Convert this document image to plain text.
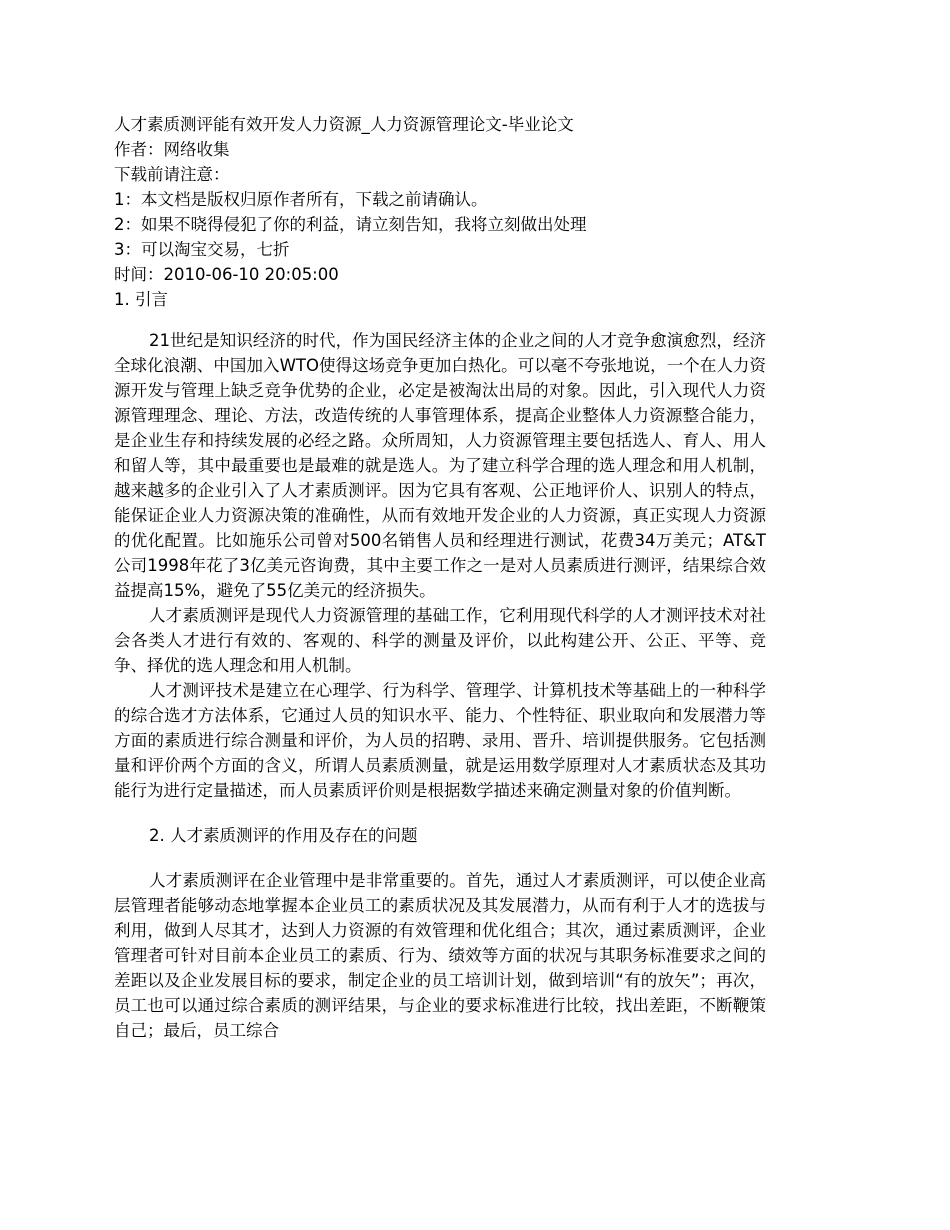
人才素质测评能有效开发人力资源_人力资源管理论文-毕业论文
作者：网络收集
下载前请注意：
1：本文档是版权归原作者所有，下载之前请确认。
2：如果不晓得侵犯了你的利益，请立刻告知，我将立刻做出处理
3：可以淘宝交易，七折
时间：2010-06-10 20:05:00
1. 引言

21世纪是知识经济的时代，作为国民经济主体的企业之间的人才竞争愈演愈烈，经济全球化浪潮、中国加入WTO使得这场竞争更加白热化。可以毫不夸张地说，一个在人力资源开发与管理上缺乏竞争优势的企业，必定是被淘汰出局的对象。因此，引入现代人力资源管理理念、理论、方法，改造传统的人事管理体系，提高企业整体人力资源整合能力，是企业生存和持续发展的必经之路。众所周知，人力资源管理主要包括选人、育人、用人和留人等，其中最重要也是最难的就是选人。为了建立科学合理的选人理念和用人机制，越来越多的企业引入了人才素质测评。因为它具有客观、公正地评价人、识别人的特点，能保证企业人力资源决策的准确性，从而有效地开发企业的人力资源，真正实现人力资源的优化配置。比如施乐公司曾对500名销售人员和经理进行测试，花费34万美元；AT&T公司1998年花了3亿美元咨询费，其中主要工作之一是对人员素质进行测评，结果综合效益提高15%，避免了55亿美元的经济损失。

人才素质测评是现代人力资源管理的基础工作，它利用现代科学的人才测评技术对社会各类人才进行有效的、客观的、科学的测量及评价，以此构建公开、公正、平等、竞争、择优的选人理念和用人机制。

人才测评技术是建立在心理学、行为科学、管理学、计算机技术等基础上的一种科学的综合选才方法体系，它通过人员的知识水平、能力、个性特征、职业取向和发展潜力等方面的素质进行综合测量和评价，为人员的招聘、录用、晋升、培训提供服务。它包括测量和评价两个方面的含义，所谓人员素质测量，就是运用数学原理对人才素质状态及其功能行为进行定量描述，而人员素质评价则是根据数学描述来确定测量对象的价值判断。

2. 人才素质测评的作用及存在的问题

人才素质测评在企业管理中是非常重要的。首先，通过人才素质测评，可以使企业高层管理者能够动态地掌握本企业员工的素质状况及其发展潜力，从而有利于人才的选拔与利用，做到人尽其才，达到人力资源的有效管理和优化组合；其次，通过素质测评，企业管理者可针对目前本企业员工的素质、行为、绩效等方面的状况与其职务标准要求之间的差距以及企业发展目标的要求，制定企业的员工培训计划，做到培训“有的放矢”；再次，员工也可以通过综合素质的测评结果，与企业的要求标准进行比较，找出差距，不断鞭策自己；最后，员工综合
